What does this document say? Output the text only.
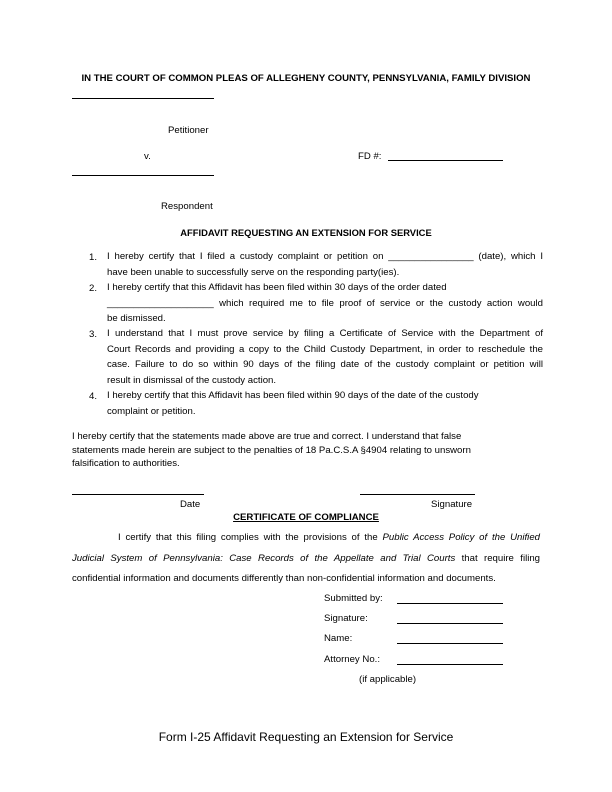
IN THE COURT OF COMMON PLEAS OF ALLEGHENY COUNTY, PENNSYLVANIA, FAMILY DIVISION
Petitioner
v.	FD #:
Respondent
AFFIDAVIT REQUESTING AN EXTENSION FOR SERVICE
1.	I hereby certify that I filed a custody complaint or petition on ________________ (date), which I
have been unable to successfully serve on the responding party(ies).
2.	I hereby certify that this Affidavit has been filed within 30 days of the order dated
____________________ which required me to file proof of service or the custody action would
be dismissed.
3.	I understand that I must prove service by filing a Certificate of Service with the Department of
Court Records and providing a copy to the Child Custody Department, in order to reschedule the
case. Failure to do so within 90 days of the filing date of the custody complaint or petition will
result in dismissal of the custody action.
4.	I hereby certify that this Affidavit has been filed within 90 days of the date of the custody
complaint or petition.
I hereby certify that the statements made above are true and correct. I understand that false
statements made herein are subject to the penalties of 18 Pa.C.S.A §4904 relating to unsworn
falsification to authorities.
Date	Signature
CERTIFICATE OF COMPLIANCE
I certify that this filing complies with the provisions of the Public Access Policy of the Unified
Judicial System of Pennsylvania: Case Records of the Appellate and Trial Courts that require filing
confidential information and documents differently than non-confidential information and documents.
Submitted by:
Signature:
Name:
Attorney No.:
(if applicable)
Form I-25 Affidavit Requesting an Extension for Service
